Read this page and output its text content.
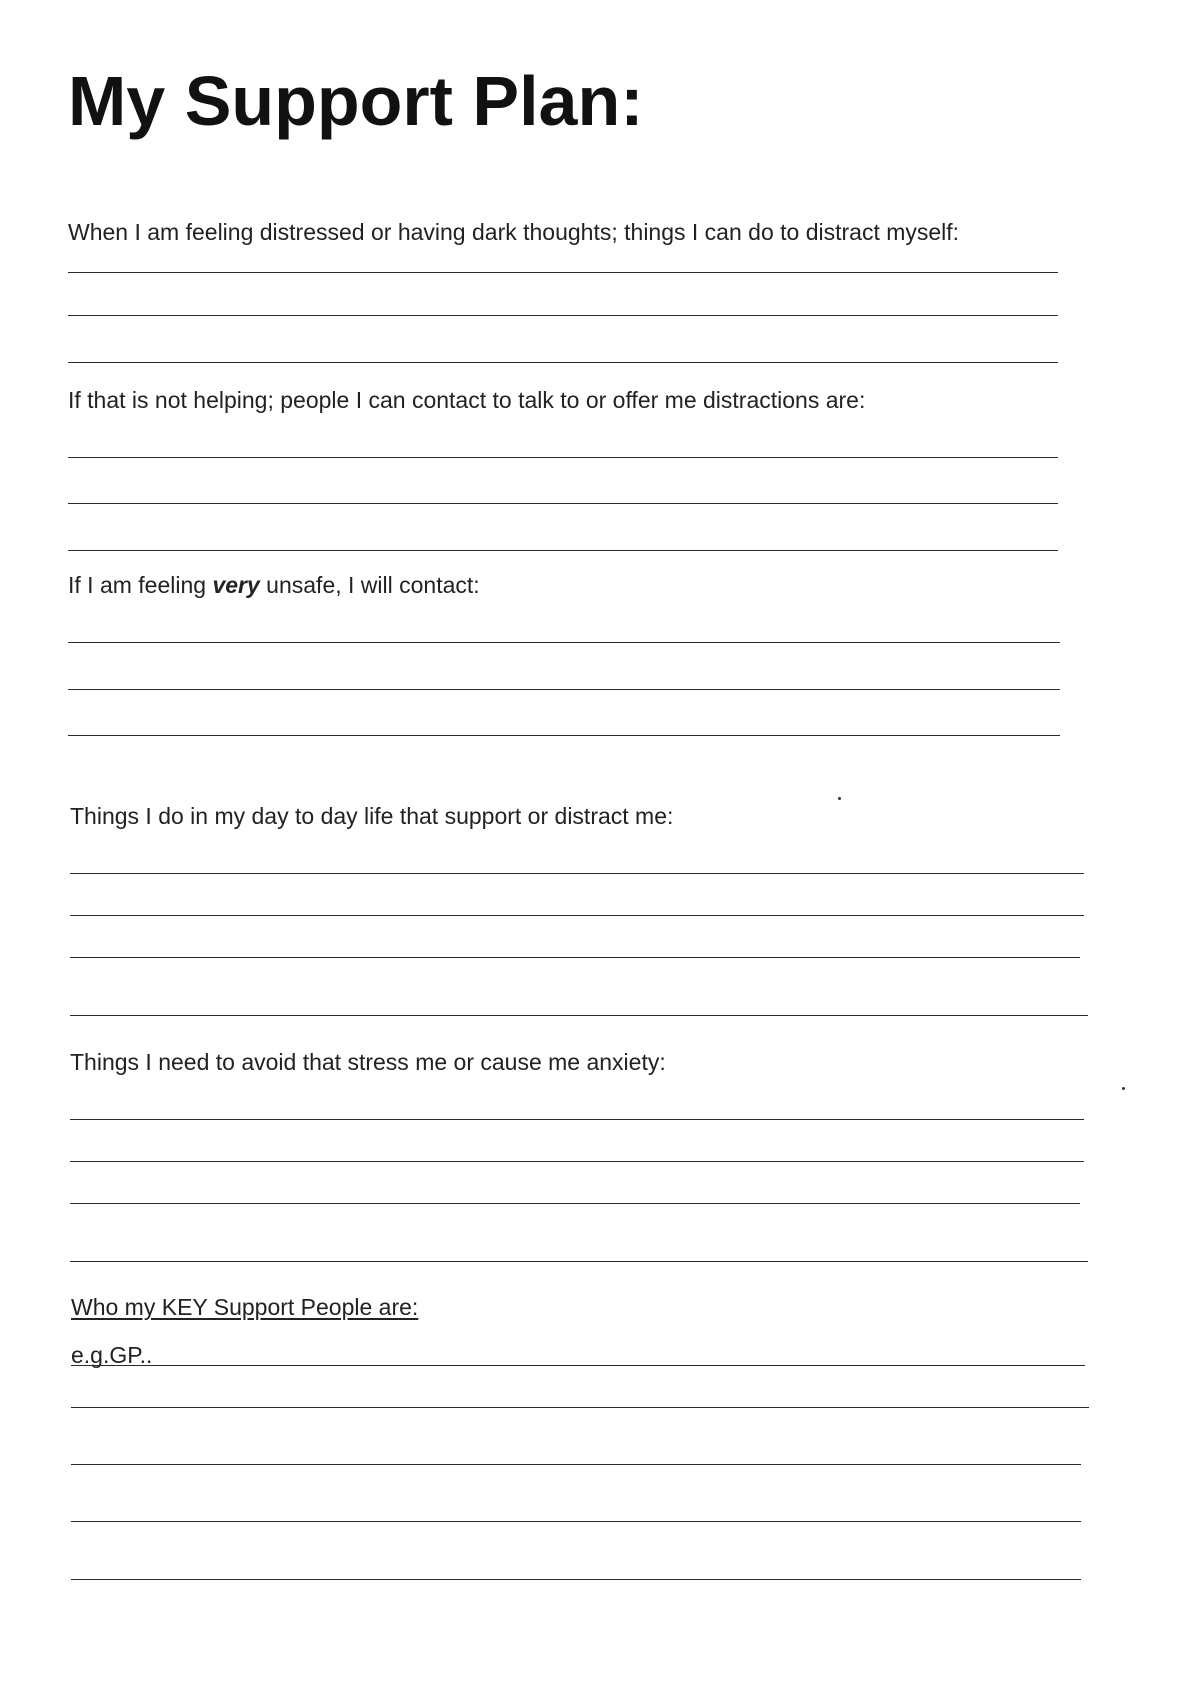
My Support Plan:
When I am feeling distressed or having dark thoughts; things I can do to distract myself:
If that is not helping; people I can contact to talk to or offer me distractions are:
If I am feeling very unsafe, I will contact:
Things I do in my day to day life that support or distract me:
Things I need to avoid that stress me or cause me anxiety:
Who my KEY Support People are:
e.g.GP..
